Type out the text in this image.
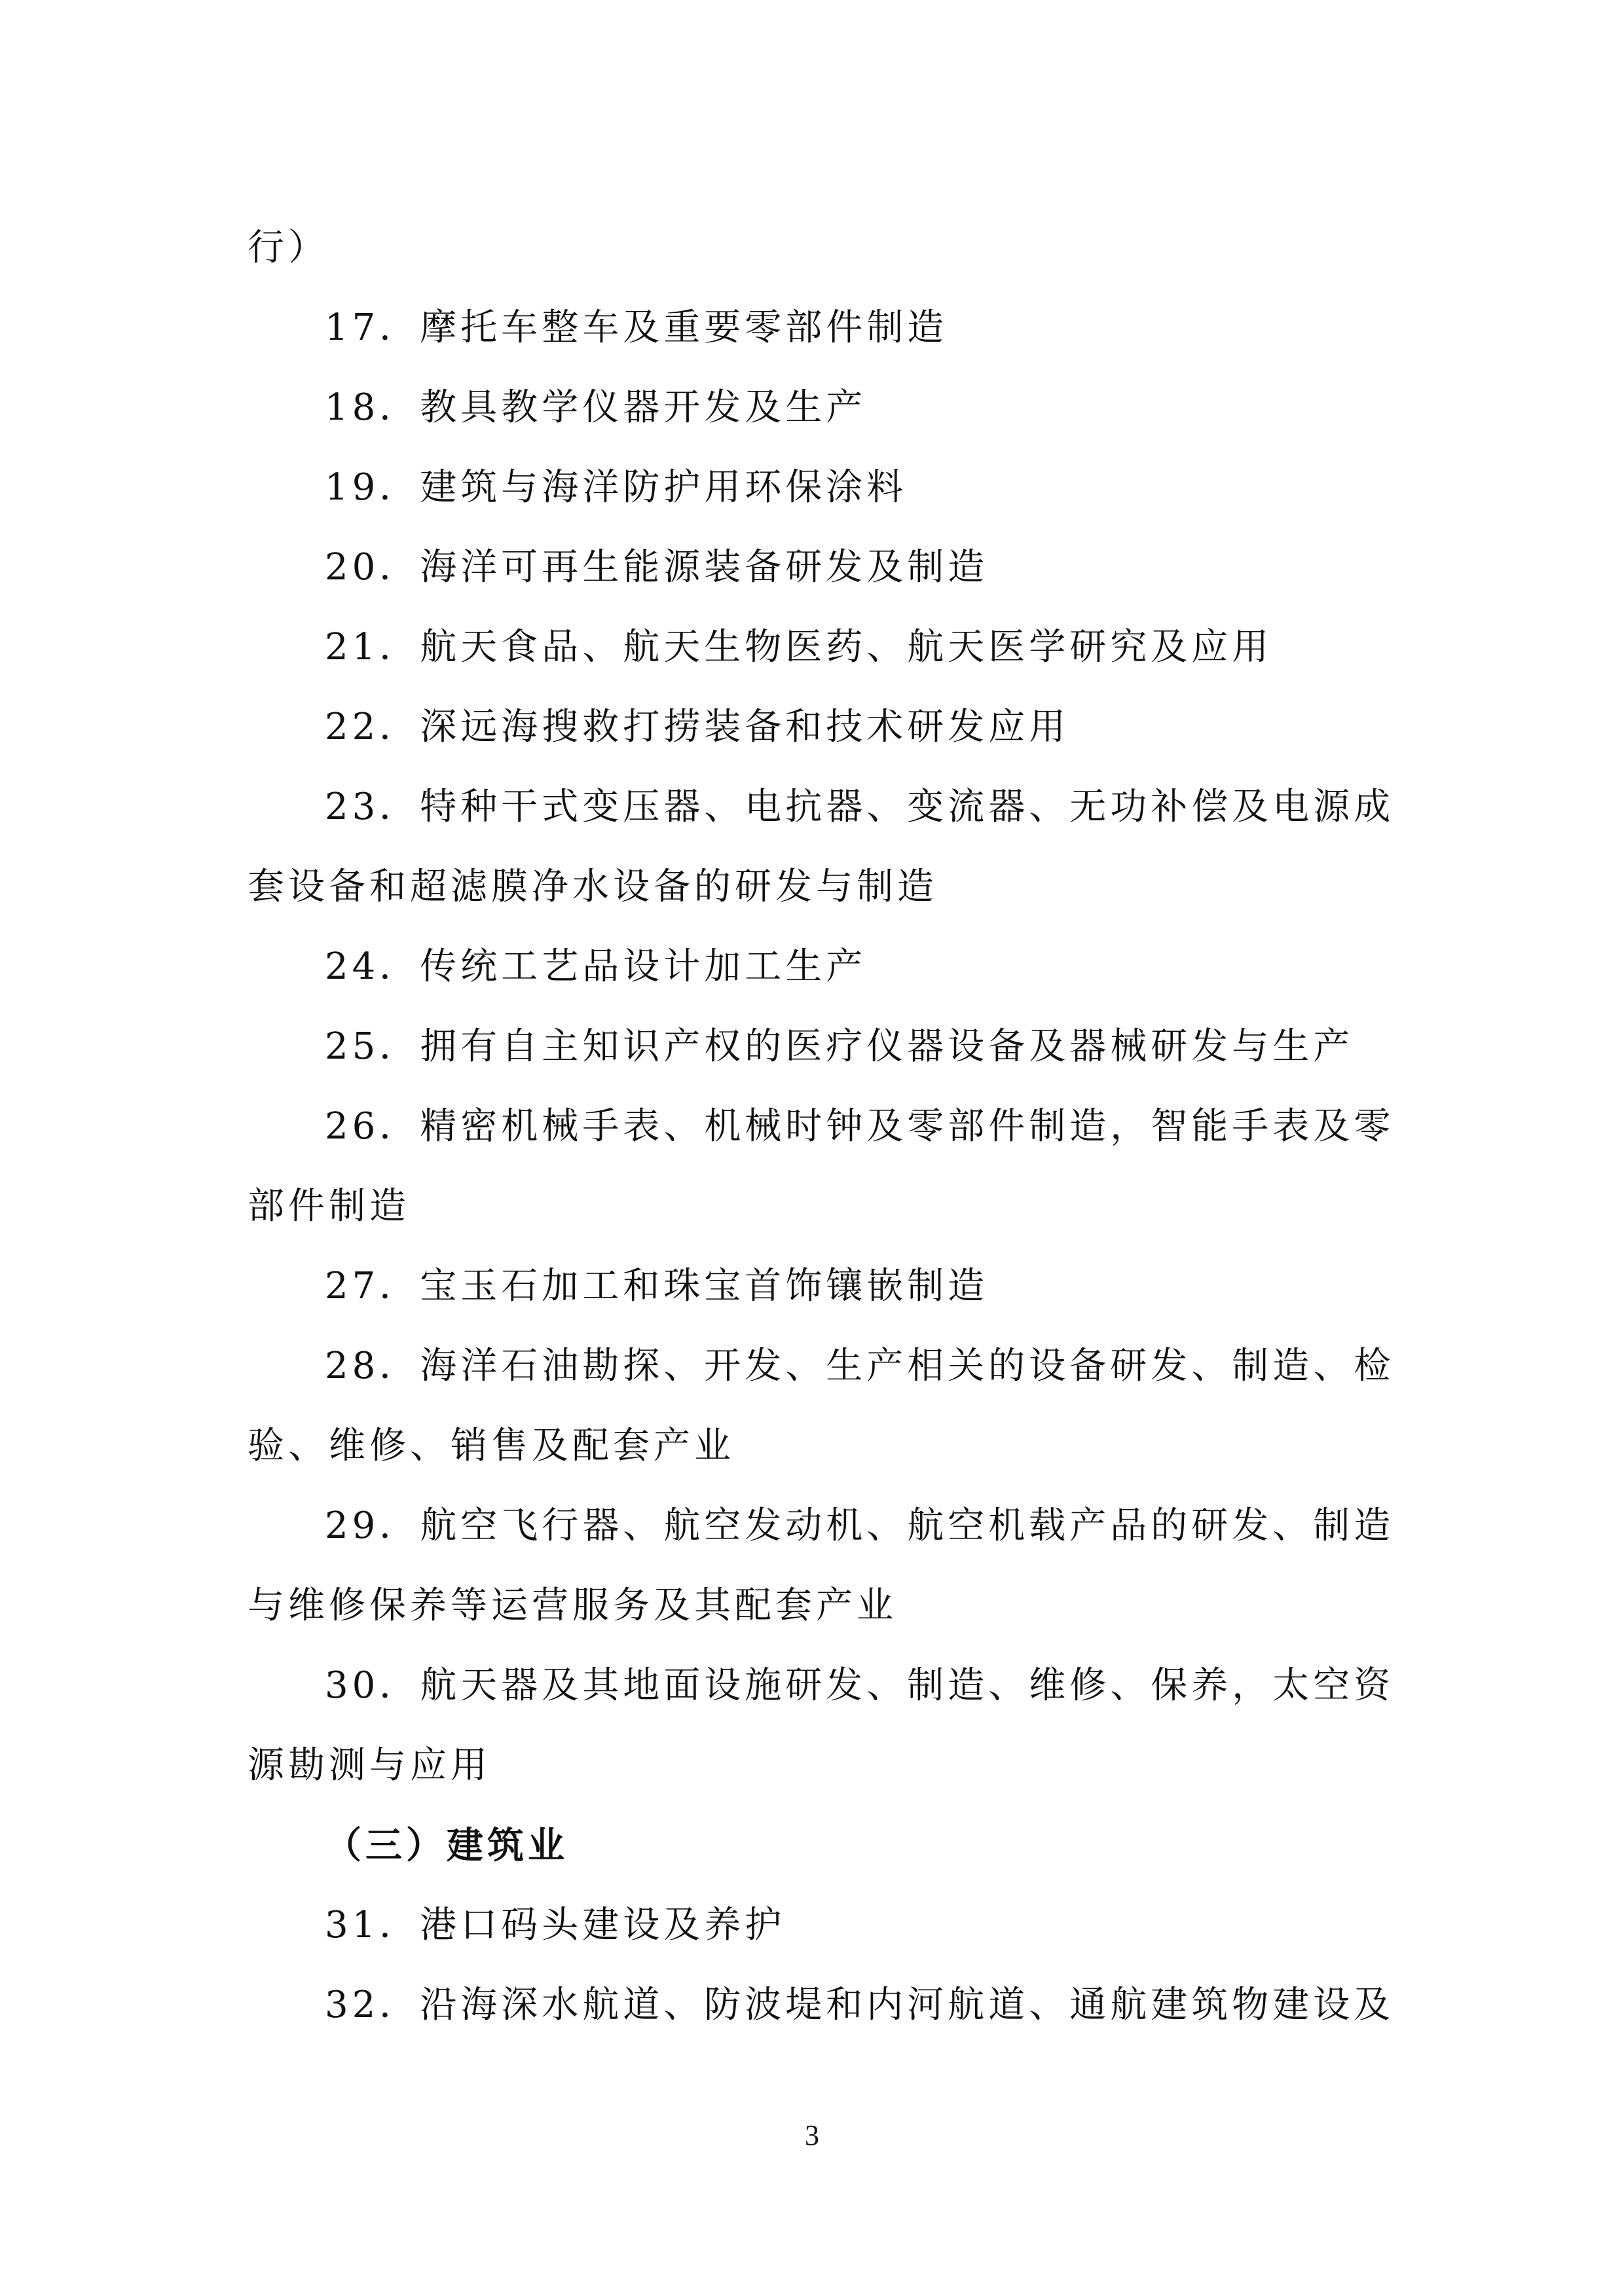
行）
17．摩托车整车及重要零部件制造
18．教具教学仪器开发及生产
19．建筑与海洋防护用环保涂料
20．海洋可再生能源装备研发及制造
21．航天食品、航天生物医药、航天医学研究及应用
22．深远海搜救打捞装备和技术研发应用
23．特种干式变压器、电抗器、变流器、无功补偿及电源成
套设备和超滤膜净水设备的研发与制造
24．传统工艺品设计加工生产
25．拥有自主知识产权的医疗仪器设备及器械研发与生产
26．精密机械手表、机械时钟及零部件制造，智能手表及零
部件制造
27．宝玉石加工和珠宝首饰镶嵌制造
28．海洋石油勘探、开发、生产相关的设备研发、制造、检
验、维修、销售及配套产业
29．航空飞行器、航空发动机、航空机载产品的研发、制造
与维修保养等运营服务及其配套产业
30．航天器及其地面设施研发、制造、维修、保养，太空资
源勘测与应用
（三）建筑业
31．港口码头建设及养护
32．沿海深水航道、防波堤和内河航道、通航建筑物建设及
3
